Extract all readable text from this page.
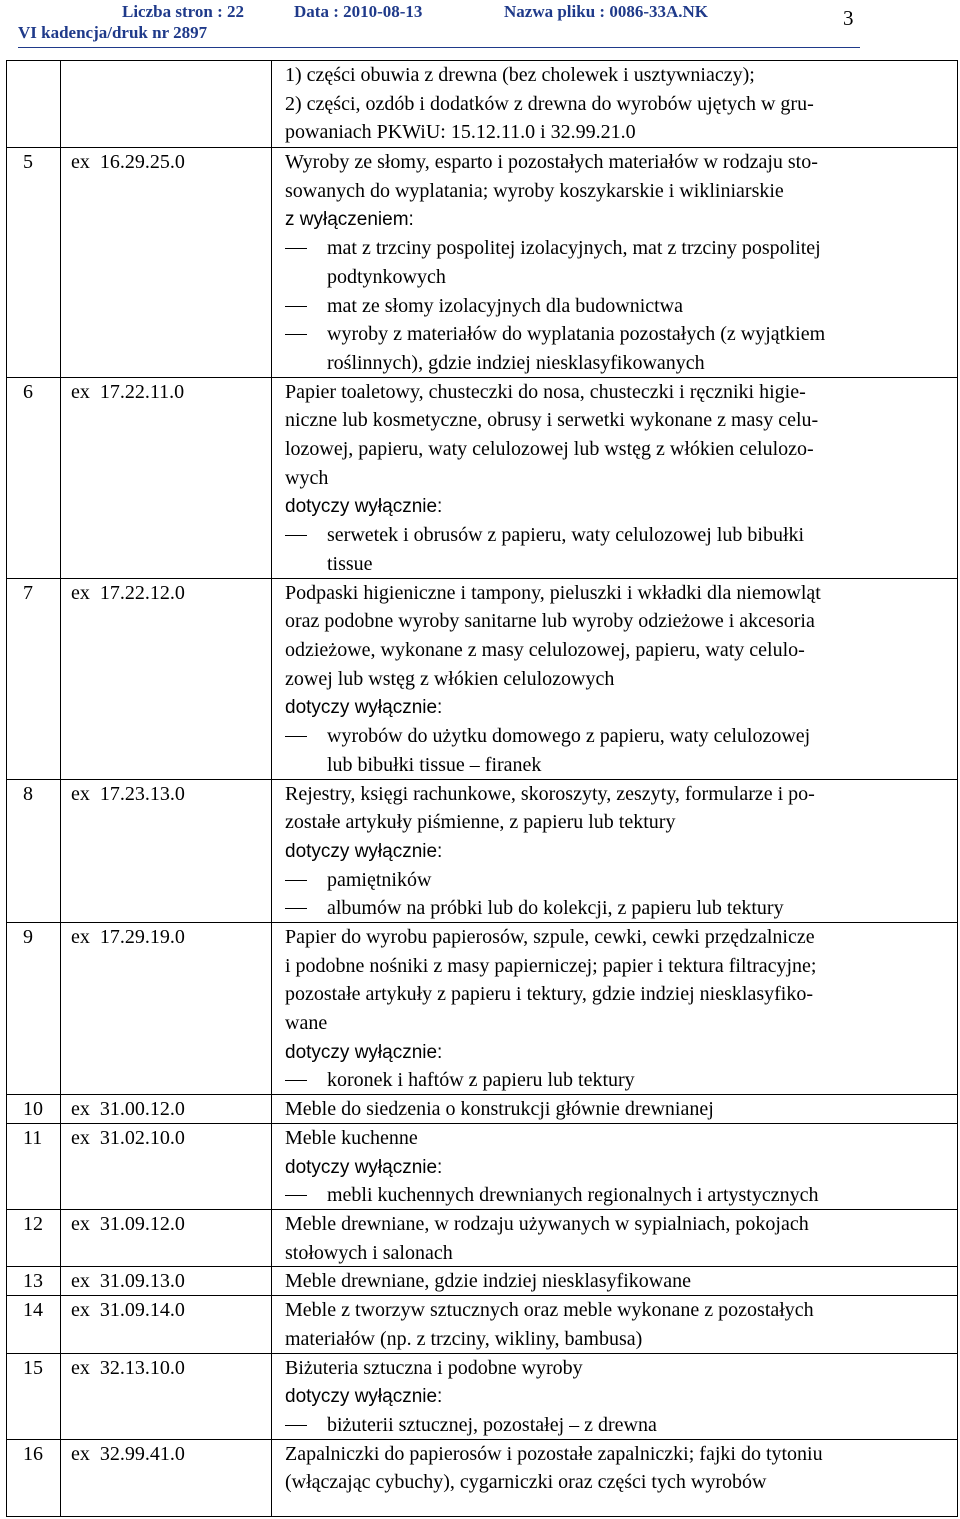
Liczba stron : 22	Data : 2010-08-13	Nazwa pliku : 0086-33A.NK
VI kadencja/druk nr 2897
3
1) części obuwia z drewna (bez cholewek i usztywniaczy);
2) części, ozdób i dodatków z drewna do wyrobów ujętych w gru-
powaniach PKWiU: 15.12.11.0 i 32.99.21.0
5 ex  16.29.25.0	Wyroby ze słomy, esparto i pozostałych materiałów w rodzaju sto-
sowanych do wyplatania; wyroby koszykarskie i wikliniarskie
z wyłączeniem:
mat z trzciny pospolitej izolacyjnych, mat z trzciny pospolitej
podtynkowych
mat ze słomy izolacyjnych dla budownictwa
wyroby z materiałów do wyplatania pozostałych (z wyjątkiem
roślinnych), gdzie indziej niesklasyfikowanych
6 ex  17.22.11.0	Papier toaletowy, chusteczki do nosa, chusteczki i ręczniki higie-
niczne lub kosmetyczne, obrusy i serwetki wykonane z masy celu-
lozowej, papieru, waty celulozowej lub wstęg z włókien celulozo-
wych
dotyczy wyłącznie:
serwetek i obrusów z papieru, waty celulozowej lub bibułki
tissue
7 ex  17.22.12.0	Podpaski higieniczne i tampony, pieluszki i wkładki dla niemowląt
oraz podobne wyroby sanitarne lub wyroby odzieżowe i akcesoria
odzieżowe, wykonane z masy celulozowej, papieru, waty celulo-
zowej lub wstęg z włókien celulozowych
dotyczy wyłącznie:
wyrobów do użytku domowego z papieru, waty celulozowej
lub bibułki tissue – firanek
8 ex  17.23.13.0	Rejestry, księgi rachunkowe, skoroszyty, zeszyty, formularze i po-
zostałe artykuły piśmienne, z papieru lub tektury
dotyczy wyłącznie:
pamiętników
albumów na próbki lub do kolekcji, z papieru lub tektury
9 ex  17.29.19.0	Papier do wyrobu papierosów, szpule, cewki, cewki przędzalnicze
i podobne nośniki z masy papierniczej; papier i tektura filtracyjne;
pozostałe artykuły z papieru i tektury, gdzie indziej niesklasyfiko-
wane
dotyczy wyłącznie:
koronek i haftów z papieru lub tektury
10 ex  31.00.12.0	Meble do siedzenia o konstrukcji głównie drewnianej
11 ex  31.02.10.0	Meble kuchenne
dotyczy wyłącznie:
mebli kuchennych drewnianych regionalnych i artystycznych
12 ex  31.09.12.0	Meble drewniane, w rodzaju używanych w sypialniach, pokojach
stołowych i salonach
13 ex  31.09.13.0	Meble drewniane, gdzie indziej niesklasyfikowane
14 ex  31.09.14.0	Meble z tworzyw sztucznych oraz meble wykonane z pozostałych
materiałów (np. z trzciny, wikliny, bambusa)
15 ex  32.13.10.0	Biżuteria sztuczna i podobne wyroby
dotyczy wyłącznie:
biżuterii sztucznej, pozostałej – z drewna
16 ex  32.99.41.0	Zapalniczki do papierosów i pozostałe zapalniczki; fajki do tytoniu
(włączając cybuchy), cygarniczki oraz części tych wyrobów
